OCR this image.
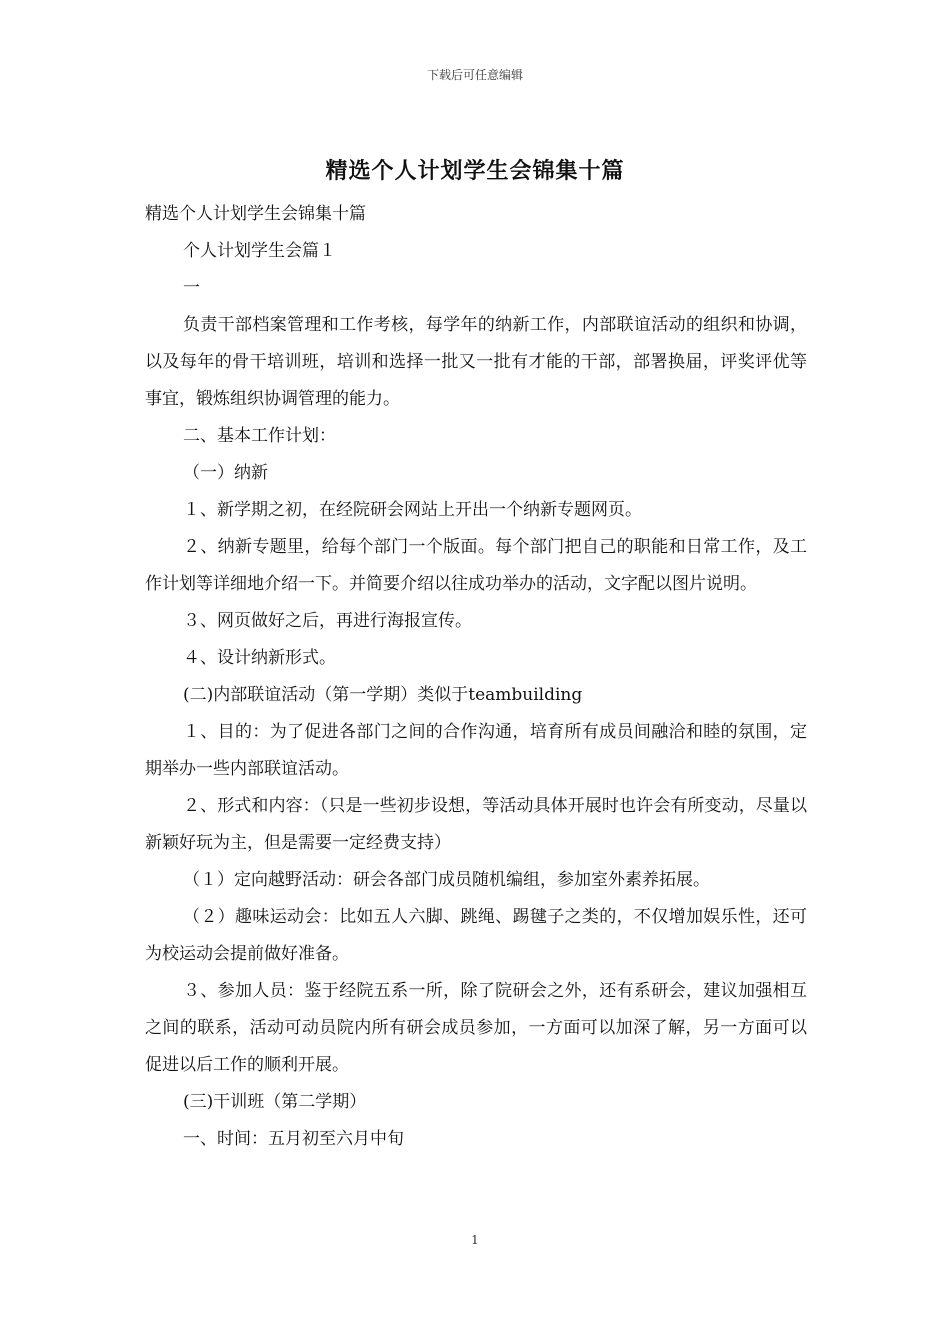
下载后可任意编辑
精选个人计划学生会锦集十篇

精选个人计划学生会锦集十篇

个人计划学生会篇１

一

负责干部档案管理和工作考核，每学年的纳新工作，内部联谊活动的组织和协调，以及每年的骨干培训班，培训和选择一批又一批有才能的干部，部署换届，评奖评优等事宜，锻炼组织协调管理的能力。

二、基本工作计划：

（一）纳新

１、新学期之初，在经院研会网站上开出一个纳新专题网页。

２、纳新专题里，给每个部门一个版面。每个部门把自己的职能和日常工作，及工作计划等详细地介绍一下。并简要介绍以往成功举办的活动，文字配以图片说明。

３、网页做好之后，再进行海报宣传。

４、设计纳新形式。

(二)内部联谊活动（第一学期）类似于teambuilding

１、目的：为了促进各部门之间的合作沟通，培育所有成员间融洽和睦的氛围，定期举办一些内部联谊活动。

２、形式和内容：（只是一些初步设想，等活动具体开展时也许会有所变动，尽量以新颖好玩为主，但是需要一定经费支持）

（１）定向越野活动：研会各部门成员随机编组，参加室外素养拓展。

（２）趣味运动会：比如五人六脚、跳绳、踢毽子之类的，不仅增加娱乐性，还可为校运动会提前做好准备。

３、参加人员：鉴于经院五系一所，除了院研会之外，还有系研会，建议加强相互之间的联系，活动可动员院内所有研会成员参加，一方面可以加深了解，另一方面可以促进以后工作的顺利开展。

(三)干训班（第二学期）

一、时间：五月初至六月中旬

1
